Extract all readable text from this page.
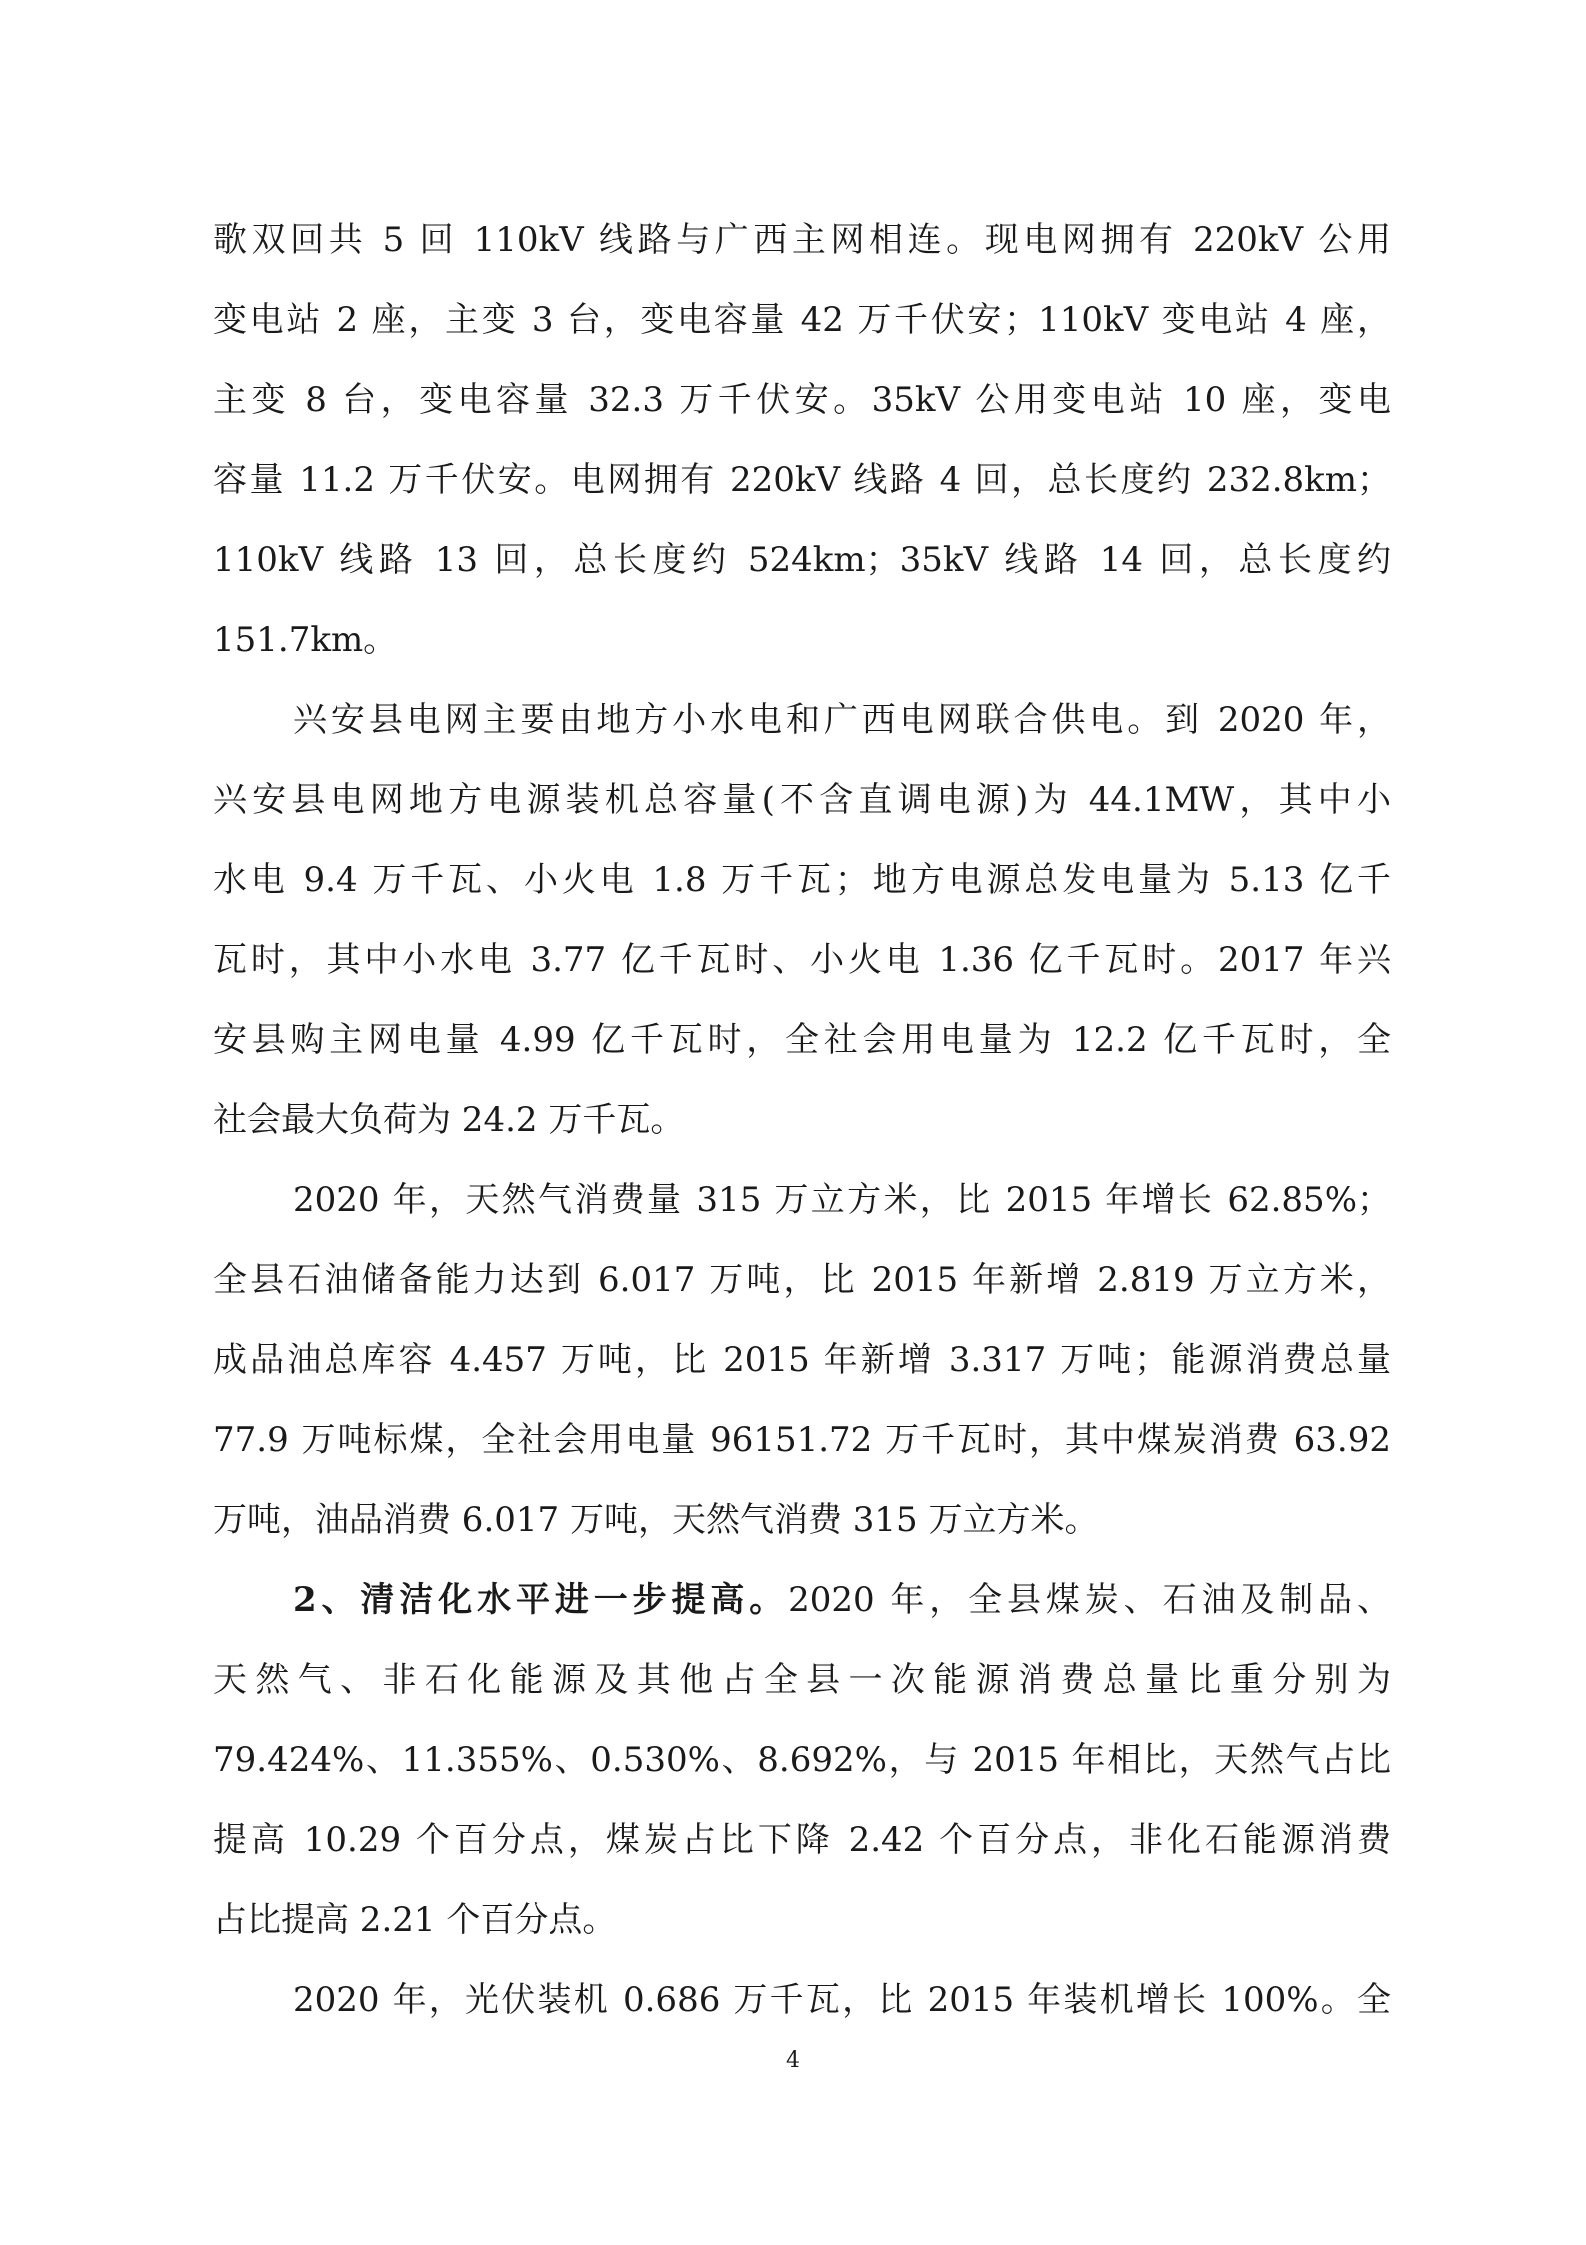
歌双回共 5 回 110kV 线路与广西主网相连。现电网拥有 220kV 公用
变电站 2 座，主变 3 台，变电容量 42 万千伏安；110kV 变电站 4 座，
主变 8 台，变电容量 32.3 万千伏安。35kV 公用变电站 10 座，变电
容量 11.2 万千伏安。电网拥有 220kV 线路 4 回，总长度约 232.8km；
110kV 线路 13 回，总长度约 524km；35kV 线路 14 回，总长度约
151.7km。
兴安县电网主要由地方小水电和广西电网联合供电。到 2020 年，
兴安县电网地方电源装机总容量(不含直调电源)为 44.1MW，其中小
水电 9.4 万千瓦、小火电 1.8 万千瓦；地方电源总发电量为 5.13 亿千
瓦时，其中小水电 3.77 亿千瓦时、小火电 1.36 亿千瓦时。2017 年兴
安县购主网电量 4.99 亿千瓦时，全社会用电量为 12.2 亿千瓦时，全
社会最大负荷为 24.2 万千瓦。
2020 年，天然气消费量 315 万立方米，比 2015 年增长 62.85%；
全县石油储备能力达到 6.017 万吨，比 2015 年新增 2.819 万立方米，
成品油总库容 4.457 万吨，比 2015 年新增 3.317 万吨；能源消费总量
77.9 万吨标煤，全社会用电量 96151.72 万千瓦时，其中煤炭消费 63.92
万吨，油品消费 6.017 万吨，天然气消费 315 万立方米。
2、清洁化水平进一步提高。2020 年，全县煤炭、石油及制品、
天然气、非石化能源及其他占全县一次能源消费总量比重分别为
79.424%、11.355%、0.530%、8.692%，与 2015 年相比，天然气占比
提高 10.29 个百分点，煤炭占比下降 2.42 个百分点，非化石能源消费
占比提高 2.21 个百分点。
2020 年，光伏装机 0.686 万千瓦，比 2015 年装机增长 100%。全
4
